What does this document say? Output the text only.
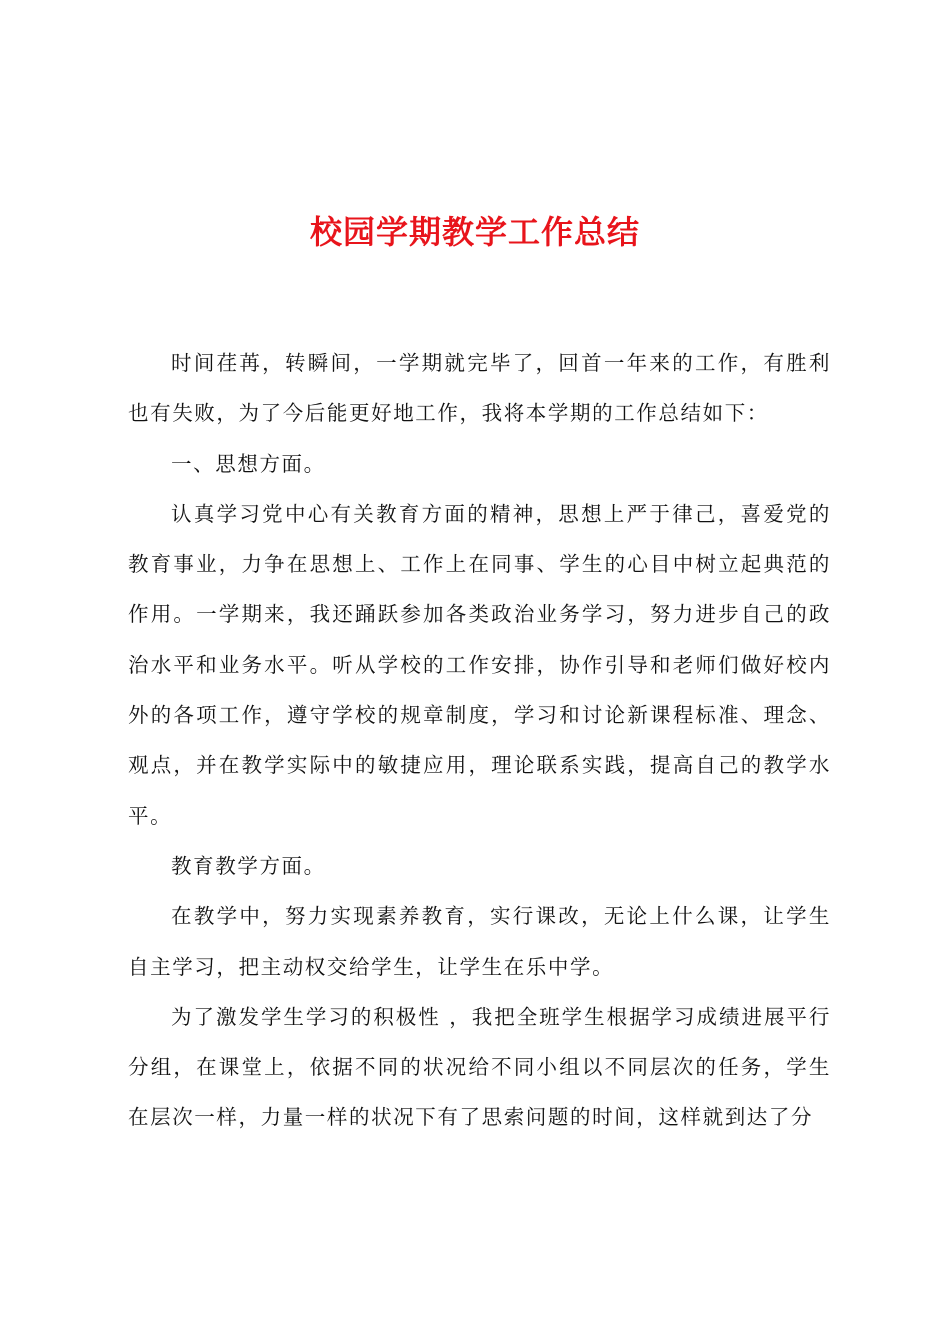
校园学期教学工作总结

时间荏苒，转瞬间，一学期就完毕了，回首一年来的工作，有胜利也有失败，为了今后能更好地工作，我将本学期的工作总结如下：

一、思想方面。

认真学习党中心有关教育方面的精神，思想上严于律己，喜爱党的教育事业，力争在思想上、工作上在同事、学生的心目中树立起典范的作用。一学期来，我还踊跃参加各类政治业务学习，努力进步自己的政治水平和业务水平。听从学校的工作安排，协作引导和老师们做好校内外的各项工作，遵守学校的规章制度，学习和讨论新课程标准、理念、观点，并在教学实际中的敏捷应用，理论联系实践，提高自己的教学水平。

教育教学方面。

在教学中，努力实现素养教育，实行课改，无论上什么课，让学生自主学习，把主动权交给学生，让学生在乐中学。

为了激发学生学习的积极性 ，我把全班学生根据学习成绩进展平行分组，在课堂上，依据不同的状况给不同小组以不同层次的任务，学生在层次一样，力量一样的状况下有了思索问题的时间，这样就到达了分
